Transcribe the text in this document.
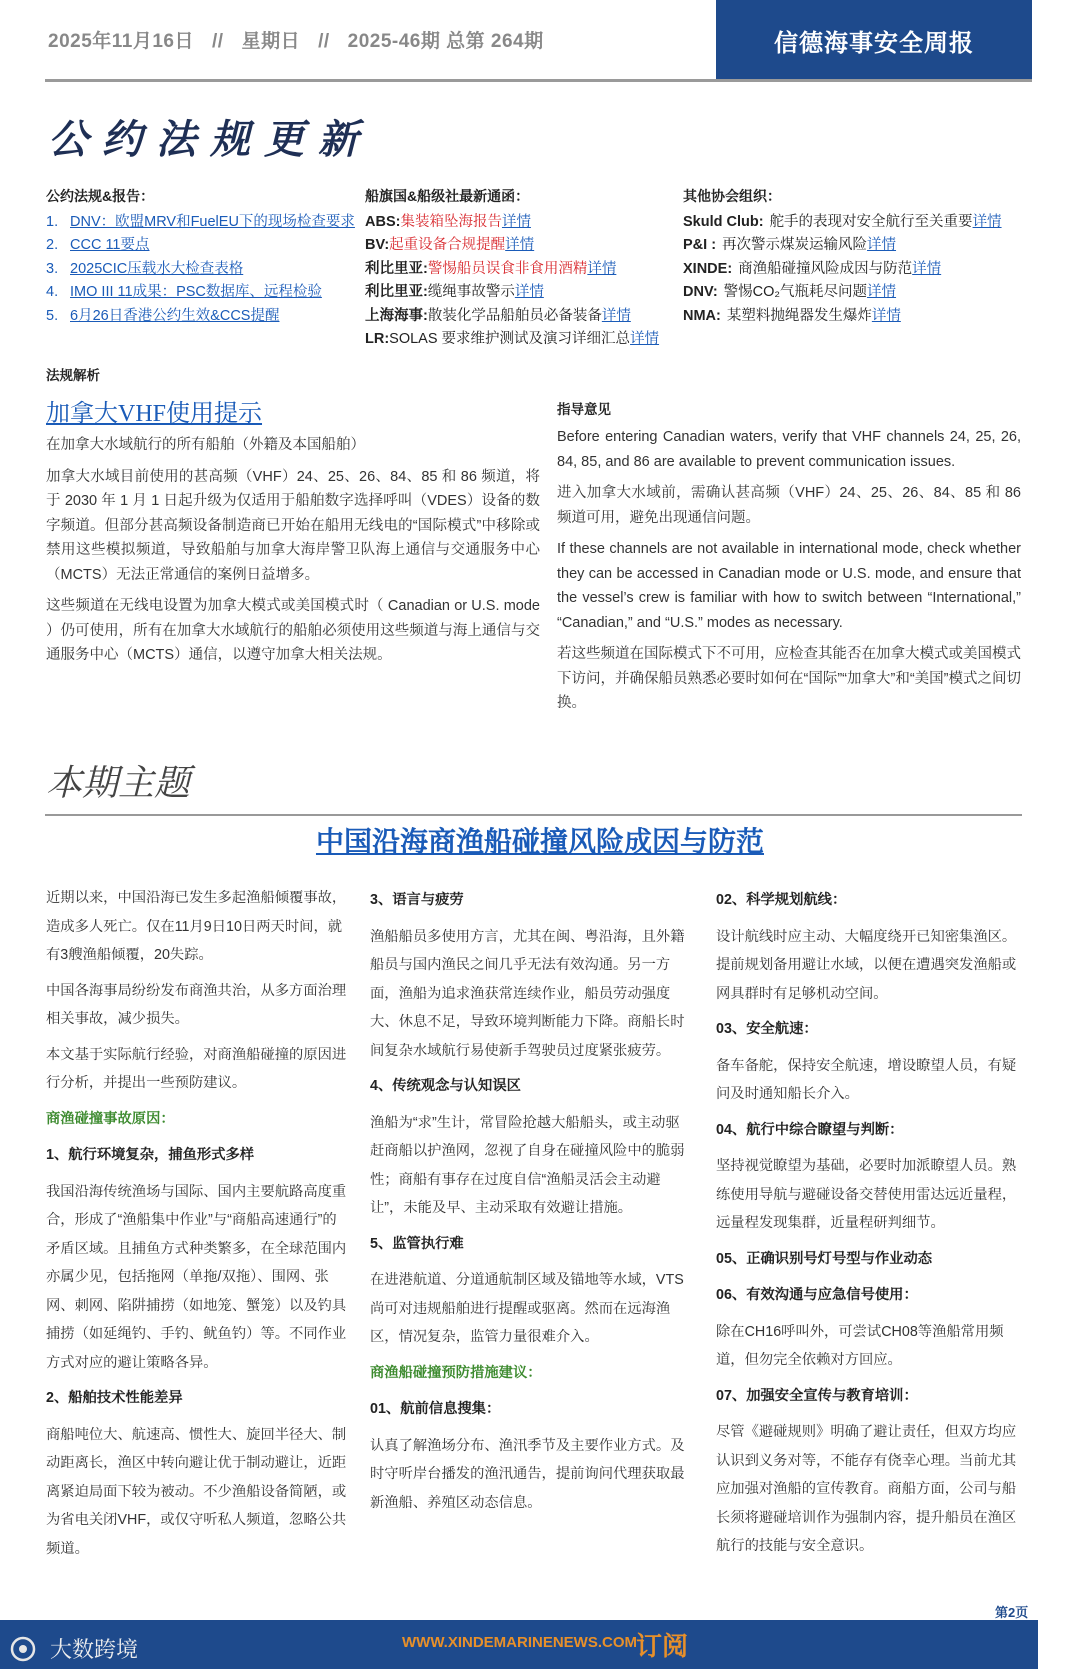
2025年11月16日 // 星期日 // 2025-46期 总第 264期	信德海事安全周报
公约法规更新
公约法规&报告：
1. DNV：欧盟MRV和FuelEU下的现场检查要求
2. CCC 11要点
3. 2025CIC压载水大检查表格
4. IMO III 11成果：PSC数据库、远程检验
5. 6月26日香港公约生效&CCS提醒
船旗国&船级社最新通函：
ABS:集装箱坠海报告详情
BV:起重设备合规提醒详情
利比里亚:警惕船员误食非食用酒精详情
利比里亚:缆绳事故警示详情
上海海事:散装化学品船舶员必备装备详情
LR:SOLAS 要求维护测试及演习详细汇总详情
其他协会组织：
Skuld Club: 舵手的表现对安全航行至关重要详情
P&I : 再次警示煤炭运输风险详情
XINDE: 商渔船碰撞风险成因与防范详情
DNV: 警惕CO₂气瓶耗尽问题详情
NMA: 某塑料抛绳器发生爆炸详情
法规解析
加拿大VHF使用提示

在加拿大水域航行的所有船舶（外籍及本国船舶）

加拿大水域目前使用的甚高频（VHF）24、25、26、84、85 和 86 频道，将于 2030 年 1 月 1 日起升级为仅适用于船舶数字选择呼叫（VDES）设备的数字频道。但部分甚高频设备制造商已开始在船用无线电的“国际模式”中移除或禁用这些模拟频道，导致船舶与加拿大海岸警卫队海上通信与交通服务中心（MCTS）无法正常通信的案例日益增多。

这些频道在无线电设置为加拿大模式或美国模式时（ Canadian or U.S. mode ）仍可使用，所有在加拿大水域航行的船舶必须使用这些频道与海上通信与交通服务中心（MCTS）通信，以遵守加拿大相关法规。

指导意见

Before entering Canadian waters, verify that VHF channels 24, 25, 26, 84, 85, and 86 are available to prevent communication issues.

进入加拿大水域前，需确认甚高频（VHF）24、25、26、84、85 和 86 频道可用，避免出现通信问题。

If these channels are not available in international mode, check whether they can be accessed in Canadian mode or U.S. mode, and ensure that the vessel’s crew is familiar with how to switch between “International,” “Canadian,” and “U.S.” modes as necessary.

若这些频道在国际模式下不可用，应检查其能否在加拿大模式或美国模式下访问，并确保船员熟悉必要时如何在“国际”“加拿大”和“美国”模式之间切换。

本期主题
中国沿海商渔船碰撞风险成因与防范

近期以来，中国沿海已发生多起渔船倾覆事故，造成多人死亡。仅在11月9日10日两天时间，就有3艘渔船倾覆，20失踪。

中国各海事局纷纷发布商渔共治，从多方面治理相关事故，减少损失。

本文基于实际航行经验，对商渔船碰撞的原因进行分析，并提出一些预防建议。

商渔碰撞事故原因：
1、航行环境复杂，捕鱼形式多样

我国沿海传统渔场与国际、国内主要航路高度重合，形成了“渔船集中作业”与“商船高速通行”的矛盾区域。且捕鱼方式种类繁多，在全球范围内亦属少见，包括拖网（单拖/双拖）、围网、张网、刺网、陷阱捕捞（如地笼、蟹笼）以及钓具捕捞（如延绳钓、手钓、鱿鱼钓）等。不同作业方式对应的避让策略各异。

2、船舶技术性能差异

商船吨位大、航速高、惯性大、旋回半径大、制动距离长，渔区中转向避让优于制动避让，近距离紧迫局面下较为被动。不少渔船设备简陋，或为省电关闭VHF，或仅守听私人频道，忽略公共频道。

3、语言与疲劳

渔船船员多使用方言，尤其在闽、粤沿海，且外籍船员与国内渔民之间几乎无法有效沟通。另一方面，渔船为追求渔获常连续作业，船员劳动强度大、休息不足，导致环境判断能力下降。商船长时间复杂水域航行易使新手驾驶员过度紧张疲劳。

4、传统观念与认知误区

渔船为“求”生计，常冒险抢越大船船头，或主动驱赶商船以护渔网，忽视了自身在碰撞风险中的脆弱性；商船有事存在过度自信“渔船灵活会主动避让”，未能及早、主动采取有效避让措施。

5、监管执行难

在进港航道、分道通航制区域及锚地等水域，VTS尚可对违规船舶进行提醒或驱离。然而在远海渔区，情况复杂，监管力量很难介入。

商渔船碰撞预防措施建议：
01、航前信息搜集：

认真了解渔场分布、渔汛季节及主要作业方式。及时守听岸台播发的渔汛通告，提前询问代理获取最新渔船、养殖区动态信息。

02、科学规划航线：

设计航线时应主动、大幅度绕开已知密集渔区。提前规划备用避让水域，以便在遭遇突发渔船或网具群时有足够机动空间。

03、安全航速：

备车备舵，保持安全航速，增设瞭望人员，有疑问及时通知船长介入。

04、航行中综合瞭望与判断：

坚持视觉瞭望为基础，必要时加派瞭望人员。熟练使用导航与避碰设备交替使用雷达远近量程，远量程发现集群，近量程研判细节。

05、正确识别号灯号型与作业动态
06、有效沟通与应急信号使用：

除在CH16呼叫外，可尝试CH08等渔船常用频道，但勿完全依赖对方回应。

07、加强安全宣传与教育培训：

尽管《避碰规则》明确了避让责任，但双方均应认识到义务对等，不能存有侥幸心理。当前尤其应加强对渔船的宣传教育。商船方面，公司与船长须将避碰培训作为强制内容，提升船员在渔区航行的技能与安全意识。

第2页
大数跨境	WWW.XINDEMARINENEWS.COM 订阅
